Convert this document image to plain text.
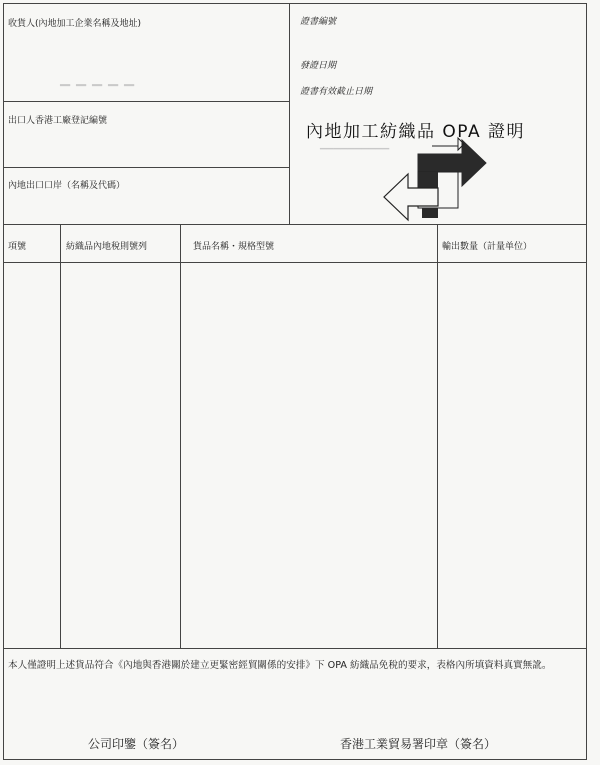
▁▁▁▁▁
▁▁▁▁▁▁▁▁▁▁
收貨人(內地加工企業名稱及地址)	證書編號
發證日期
證書有效截止日期
出口人香港工廠登記編號
內地出口口岸（名稱及代碼）
內地加工紡織品 OPA 證明
項號	紡織品內地稅則號列	貨品名稱・規格型號	輸出數量（計量单位）
本人僅證明上述貨品符合《內地與香港關於建立更緊密經貿關係的安排》下 OPA 紡織品免稅的要求，表格內所填資料真實無訛。
公司印鑒（簽名）	香港工業貿易署印章（簽名）
